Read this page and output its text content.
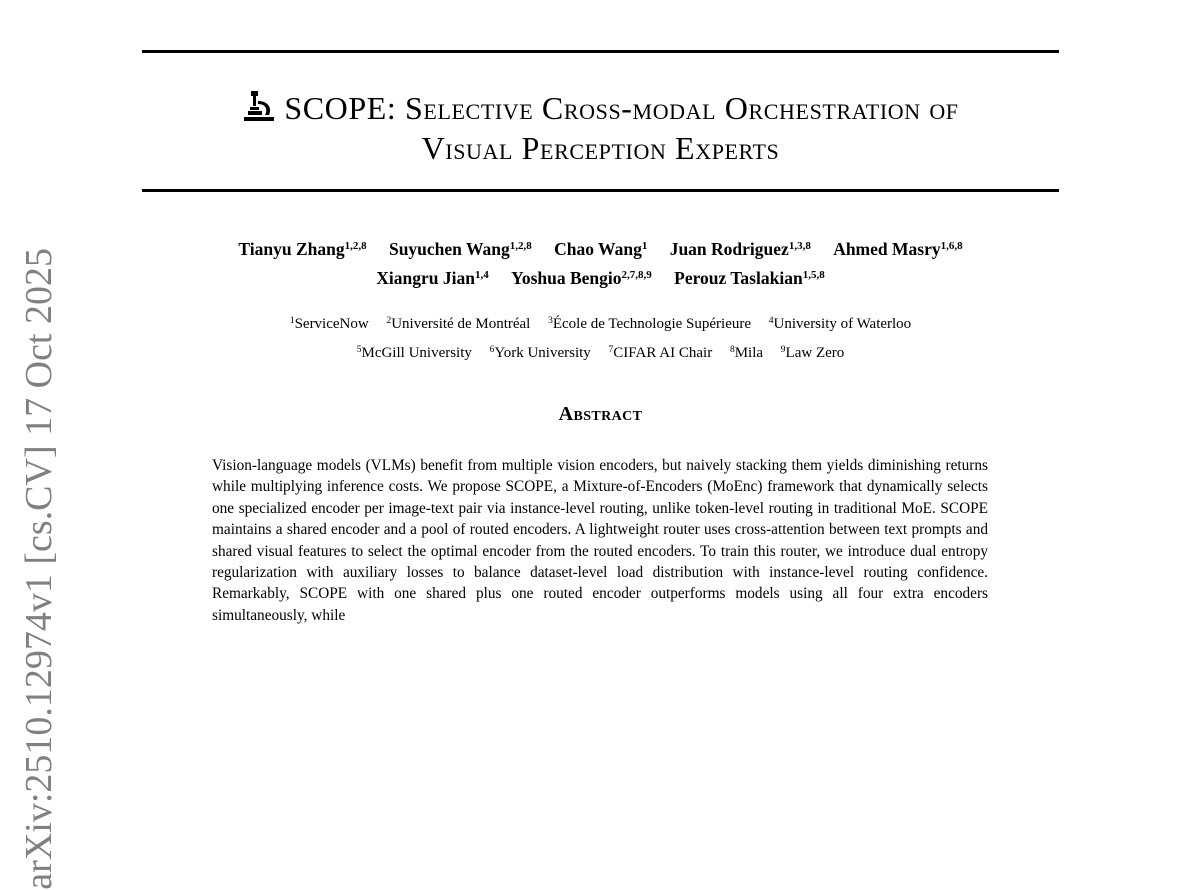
SCOPE: Selective Cross-modal Orchestration of
Visual Perception Experts
Tianyu Zhang$^{1,2,8}$ Suyuchen Wang$^{1,2,8}$ Chao Wang$^1$ Juan Rodriguez$^{1,3,8}$ Ahmed Masry$^{1,6,8}$
Xiangru Jian$^{1,4}$ Yoshua Bengio$^{2,7,8,9}$ Perouz Taslakian$^{1,5,8}$
$^1$ServiceNow $^2$Université de Montréal $^3$École de Technologie Supérieure $^4$University of Waterloo
$^5$McGill University $^6$York University $^7$CIFAR AI Chair $^8$Mila $^9$Law Zero
Abstract
Vision-language models (VLMs) benefit from multiple vision encoders, but naively stacking them yields diminishing returns while multiplying inference costs. We propose SCOPE, a Mixture-of-Encoders (MoEnc) framework that dynamically selects one specialized encoder per image-text pair via instance-level routing, unlike token-level routing in traditional MoE. SCOPE maintains a shared encoder and a pool of routed encoders. A lightweight router uses cross-attention between text prompts and shared visual features to select the optimal encoder from the routed encoders. To train this router, we introduce dual entropy regularization with auxiliary losses to balance dataset-level load distribution with instance-level routing confidence. Remarkably, SCOPE with one shared plus one routed encoder outperforms models using all four extra encoders simultaneously, while
arXiv:2510.12974v1 [cs.CV] 17 Oct 2025
